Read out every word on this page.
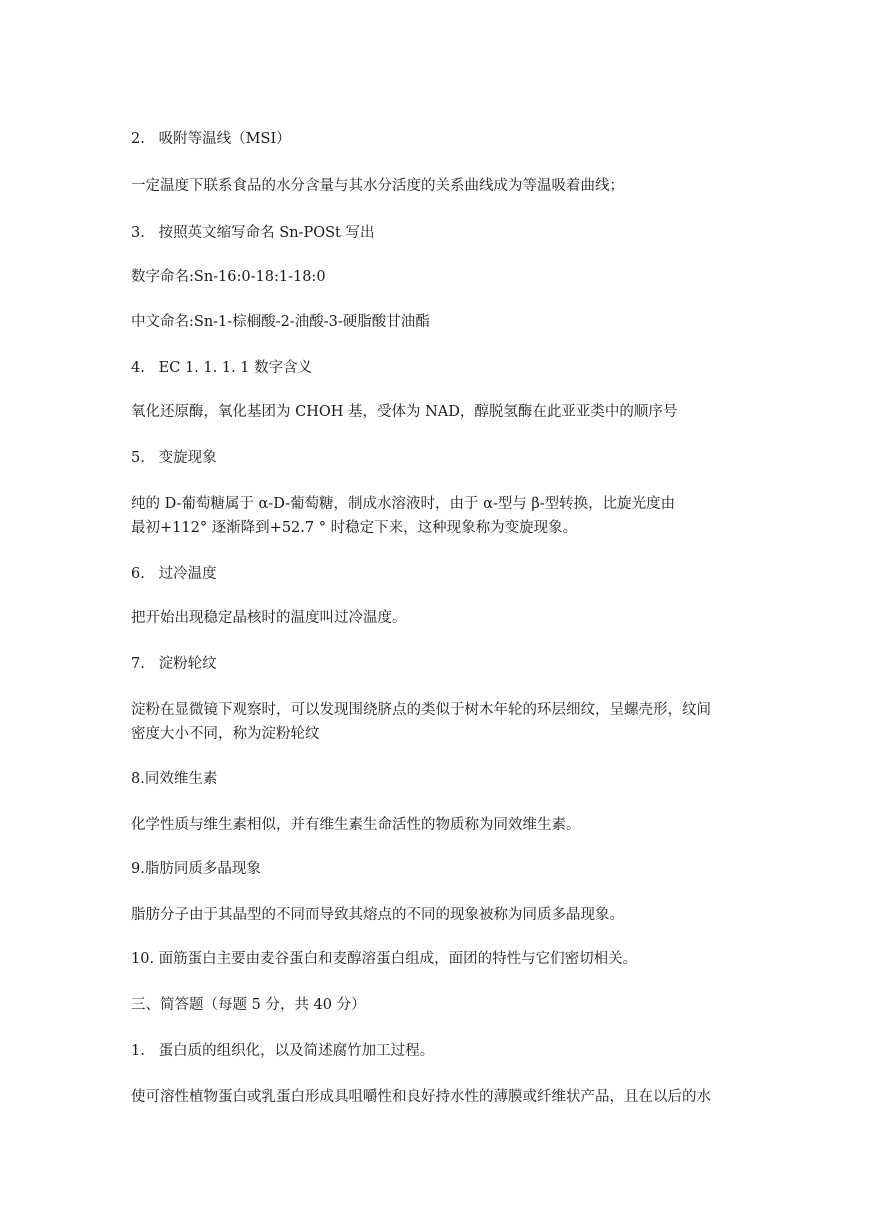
2.   吸附等温线（MSI）
一定温度下联系食品的水分含量与其水分活度的关系曲线成为等温吸着曲线；
3.   按照英文缩写命名 Sn-POSt 写出
数字命名:Sn-16:0-18:1-18:0
中文命名:Sn-1-棕榈酸-2-油酸-3-硬脂酸甘油酯
4.   EC 1. 1. 1. 1 数字含义
氧化还原酶，氧化基团为 CHOH 基，受体为 NAD，醇脱氢酶在此亚亚类中的顺序号
5.   变旋现象
纯的 D-葡萄糖属于 α-D-葡萄糖，制成水溶液时，由于 α-型与 β-型转换，比旋光度由
最初+112° 逐渐降到+52.7 ° 时稳定下来，这种现象称为变旋现象。
6.   过冷温度
把开始出现稳定晶核时的温度叫过冷温度。
7.   淀粉轮纹
淀粉在显微镜下观察时，可以发现围绕脐点的类似于树木年轮的环层细纹，呈螺壳形，纹间
密度大小不同，称为淀粉轮纹
8.同效维生素
化学性质与维生素相似，并有维生素生命活性的物质称为同效维生素。
9.脂肪同质多晶现象
脂肪分子由于其晶型的不同而导致其熔点的不同的现象被称为同质多晶现象。
10. 面筋蛋白主要由麦谷蛋白和麦醇溶蛋白组成，面团的特性与它们密切相关。
三、简答题（每题 5 分，共 40 分）
1.   蛋白质的组织化，以及简述腐竹加工过程。
使可溶性植物蛋白或乳蛋白形成具咀嚼性和良好持水性的薄膜或纤维状产品，且在以后的水
